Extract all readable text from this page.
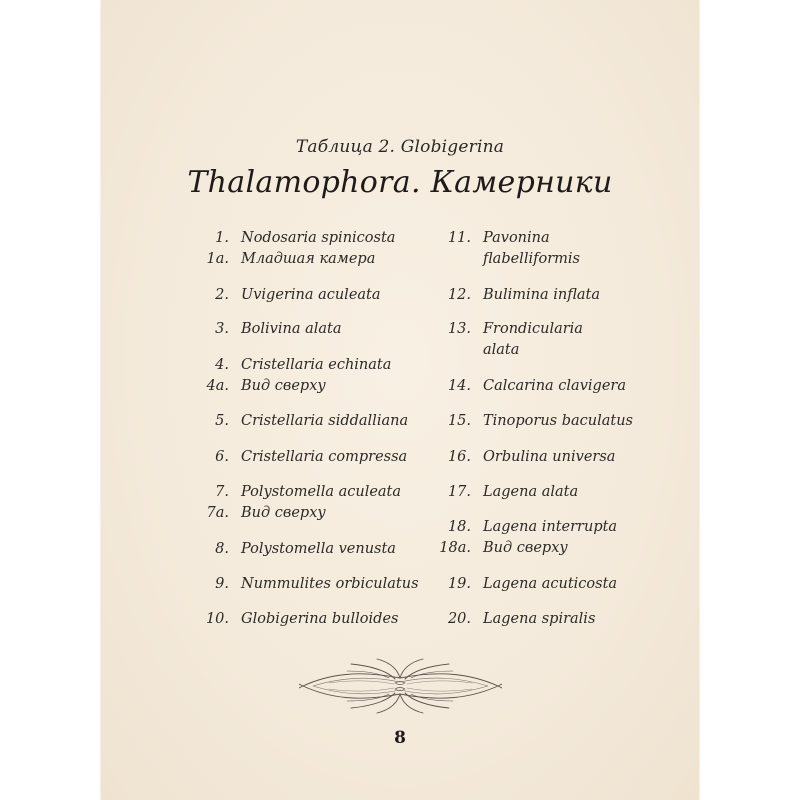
Таблица 2. Globigerina
Thalamophora. Камерники
1. Nodosaria spinicosta
1a. Младшая камера
2. Uvigerina aculeata
3. Bolivina alata
4. Cristellaria echinata
4a. Вид сверху
5. Cristellaria siddalliana
6. Cristellaria compressa
7. Polystomella aculeata
7a. Вид сверху
8. Polystomella venusta
9. Nummulites orbiculatus
10. Globigerina bulloides
11. Pavonina
flabelliformis
12. Bulimina inflata
13. Frondicularia
alata
14. Calcarina clavigera
15. Tinoporus baculatus
16. Orbulina universa
17. Lagena alata
18. Lagena interrupta
18a. Вид сверху
19. Lagena acuticosta
20. Lagena spiralis
8
